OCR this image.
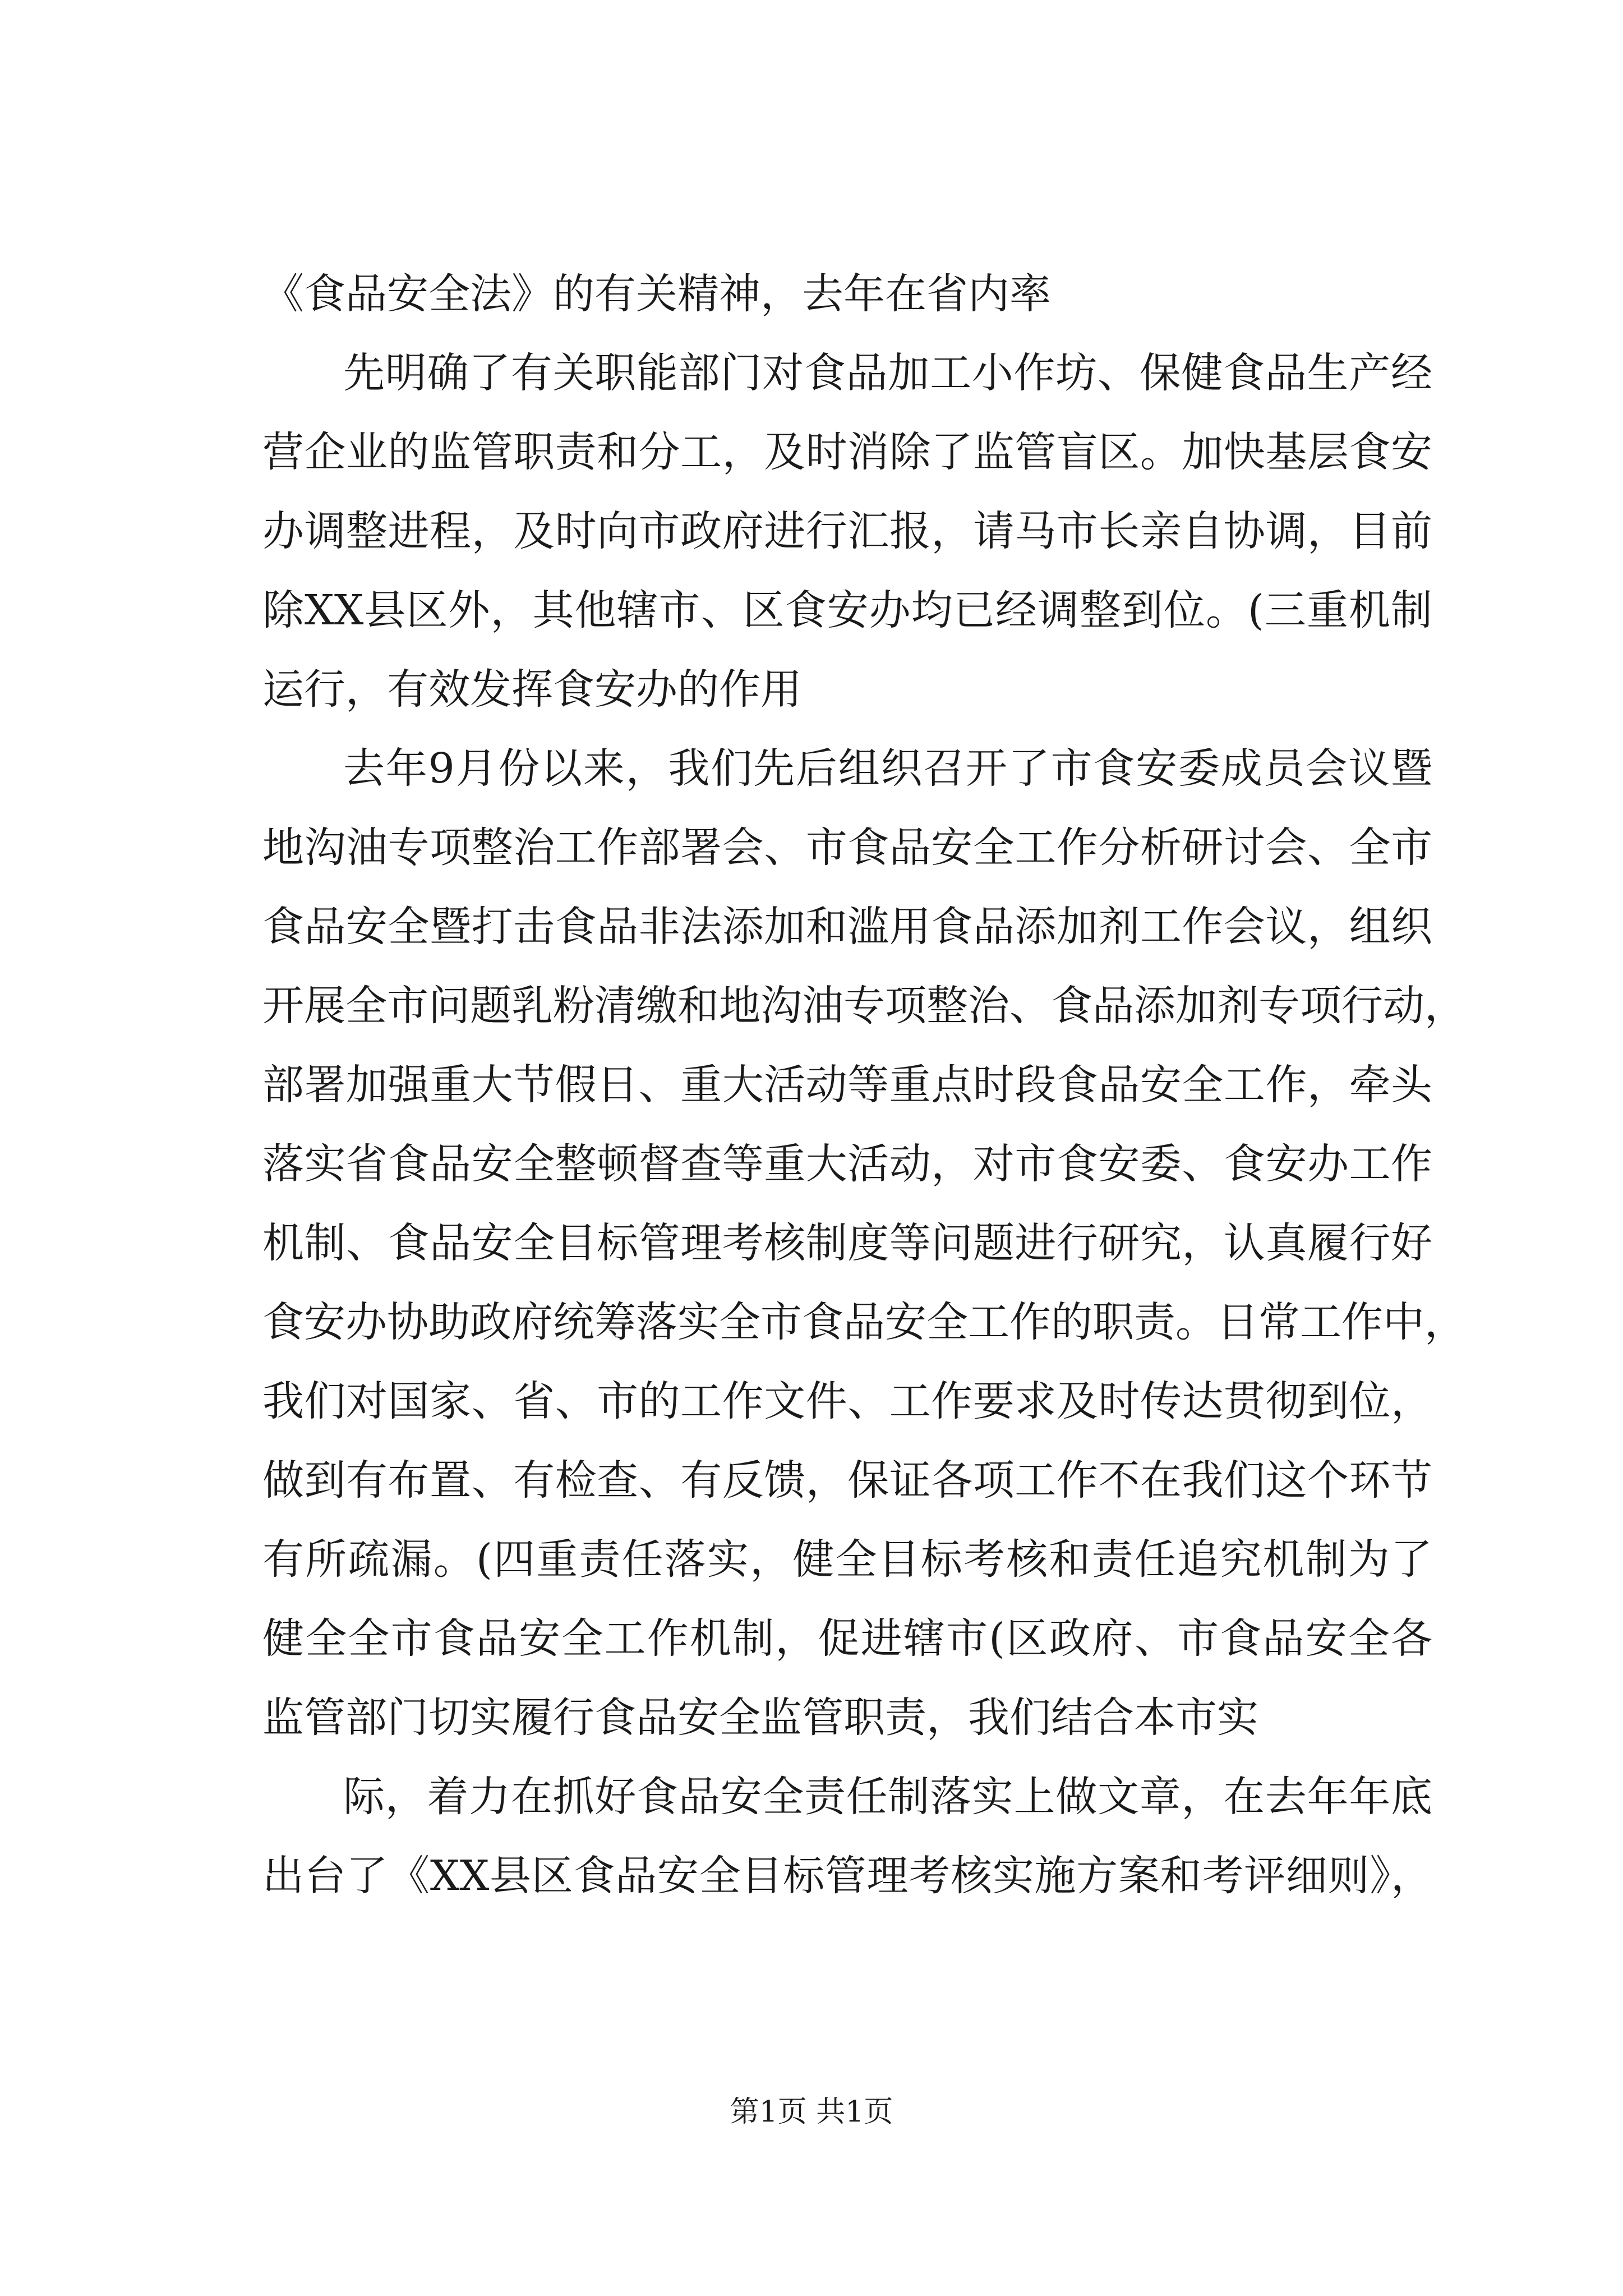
《食品安全法》的有关精神，去年在省内率
先明确了有关职能部门对食品加工小作坊、保健食品生产经
营企业的监管职责和分工，及时消除了监管盲区。加快基层食安
办调整进程，及时向市政府进行汇报，请马市长亲自协调，目前
除XX县区外，其他辖市、区食安办均已经调整到位。(三重机制
运行，有效发挥食安办的作用
去年9月份以来，我们先后组织召开了市食安委成员会议暨
地沟油专项整治工作部署会、市食品安全工作分析研讨会、全市
食品安全暨打击食品非法添加和滥用食品添加剂工作会议，组织
开展全市问题乳粉清缴和地沟油专项整治、食品添加剂专项行动，
部署加强重大节假日、重大活动等重点时段食品安全工作，牵头
落实省食品安全整顿督查等重大活动，对市食安委、食安办工作
机制、食品安全目标管理考核制度等问题进行研究，认真履行好
食安办协助政府统筹落实全市食品安全工作的职责。日常工作中，
我们对国家、省、市的工作文件、工作要求及时传达贯彻到位，
做到有布置、有检查、有反馈，保证各项工作不在我们这个环节
有所疏漏。(四重责任落实，健全目标考核和责任追究机制为了
健全全市食品安全工作机制，促进辖市(区政府、市食品安全各
监管部门切实履行食品安全监管职责，我们结合本市实
际，着力在抓好食品安全责任制落实上做文章，在去年年底
出台了《XX县区食品安全目标管理考核实施方案和考评细则》，
第1页 共1页
